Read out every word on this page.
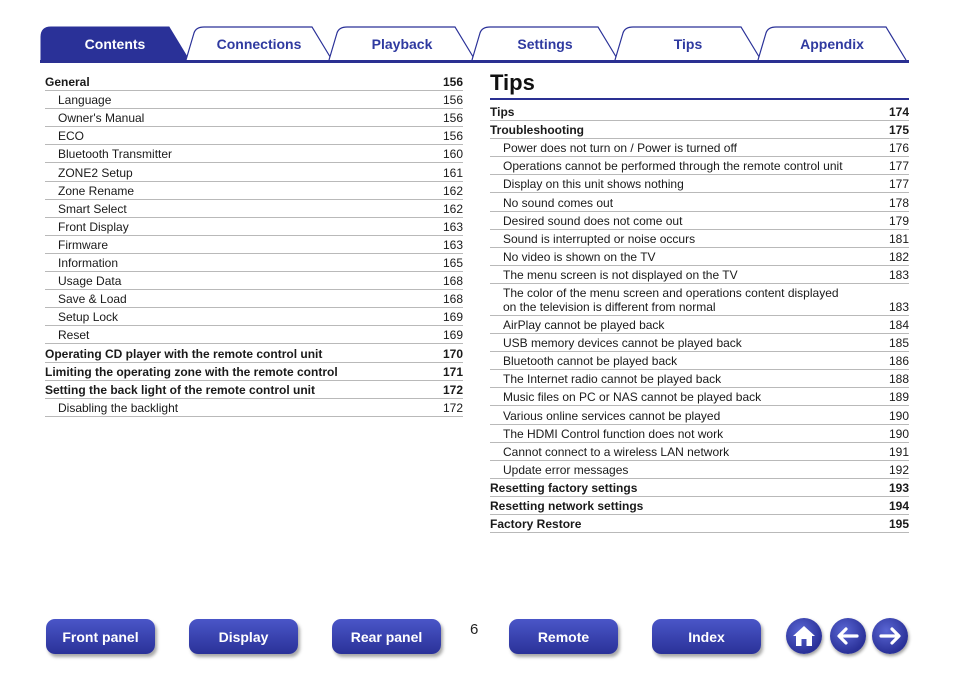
Contents	Connections	Playback	Settings	Tips	Appendix
General	156
Language	156
Owner's Manual	156
ECO	156
Bluetooth Transmitter	160
ZONE2 Setup	161
Zone Rename	162
Smart Select	162
Front Display	163
Firmware	163
Information	165
Usage Data	168
Save & Load	168
Setup Lock	169
Reset	169
Operating CD player with the remote control unit	170
Limiting the operating zone with the remote control	171
Setting the back light of the remote control unit	172
Disabling the backlight	172
Tips
Tips	174
Troubleshooting	175
Power does not turn on / Power is turned off	176
Operations cannot be performed through the remote control unit	177
Display on this unit shows nothing	177
No sound comes out	178
Desired sound does not come out	179
Sound is interrupted or noise occurs	181
No video is shown on the TV	182
The menu screen is not displayed on the TV	183
The color of the menu screen and operations content displayed
on the television is different from normal	183
AirPlay cannot be played back	184
USB memory devices cannot be played back	185
Bluetooth cannot be played back	186
The Internet radio cannot be played back	188
Music files on PC or NAS cannot be played back	189
Various online services cannot be played	190
The HDMI Control function does not work	190
Cannot connect to a wireless LAN network	191
Update error messages	192
Resetting factory settings	193
Resetting network settings	194
Factory Restore	195
Front panel	Display	Rear panel	6	Remote	Index
